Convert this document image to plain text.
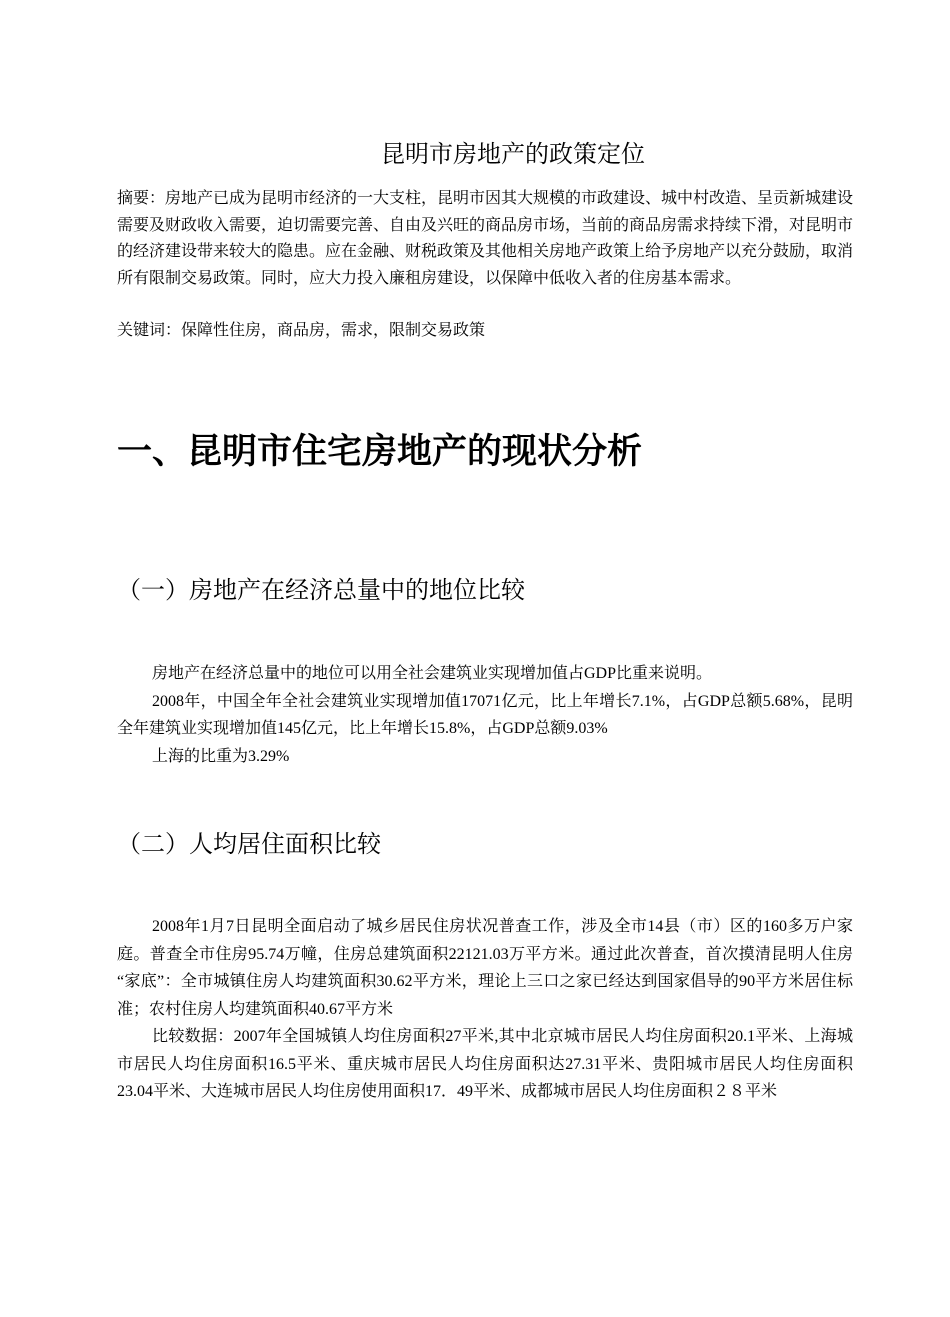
昆明市房地产的政策定位
摘要：房地产已成为昆明市经济的一大支柱，昆明市因其大规模的市政建设、城中村改造、呈贡新城建设需要及财政收入需要，迫切需要完善、自由及兴旺的商品房市场，当前的商品房需求持续下滑，对昆明市的经济建设带来较大的隐患。应在金融、财税政策及其他相关房地产政策上给予房地产以充分鼓励，取消所有限制交易政策。同时，应大力投入廉租房建设，以保障中低收入者的住房基本需求。
关键词：保障性住房，商品房，需求，限制交易政策
一、昆明市住宅房地产的现状分析
（一）房地产在经济总量中的地位比较

房地产在经济总量中的地位可以用全社会建筑业实现增加值占GDP比重来说明。

2008年，中国全年全社会建筑业实现增加值17071亿元，比上年增长7.1%，占GDP总额5.68%，昆明全年建筑业实现增加值145亿元，比上年增长15.8%，占GDP总额9.03%

上海的比重为3.29%

（二）人均居住面积比较

2008年1月7日昆明全面启动了城乡居民住房状况普查工作，涉及全市14县（市）区的160多万户家庭。普查全市住房95.74万幢，住房总建筑面积22121.03万平方米。通过此次普查，首次摸清昆明人住房 “家底”：全市城镇住房人均建筑面积30.62平方米，理论上三口之家已经达到国家倡导的90平方米居住标准；农村住房人均建筑面积40.67平方米

比较数据：2007年全国城镇人均住房面积27平米,其中北京城市居民人均住房面积20.1平米、上海城市居民人均住房面积16.5平米、重庆城市居民人均住房面积达27.31平米、贵阳城市居民人均住房面积23.04平米、大连城市居民人均住房使用面积17．49平米、成都城市居民人均住房面积２８平米
